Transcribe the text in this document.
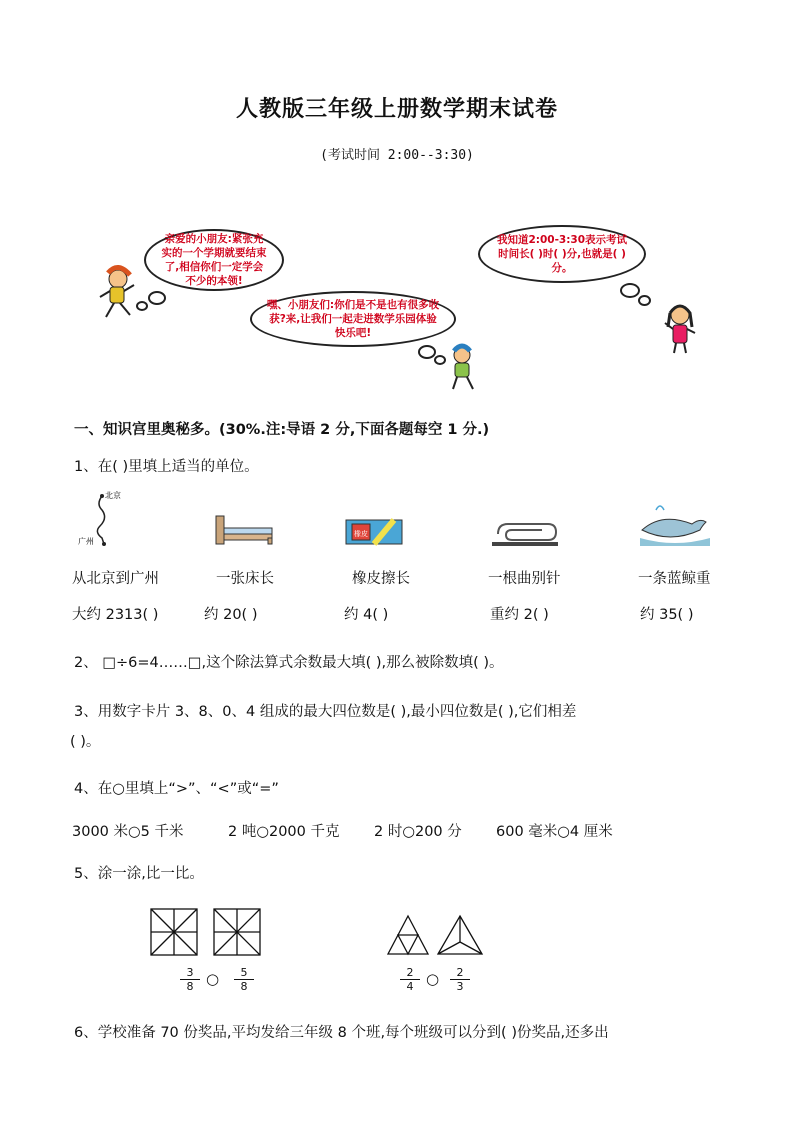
人教版三年级上册数学期末试卷
(考试时间 2:00--3:30)
亲爱的小朋友:紧张充实的一个学期就要结束了,相信你们一定学会不少的本领!
嘿、小朋友们:你们是不是也有很多收获?来,让我们一起走进数学乐园体验快乐吧!
我知道2:00-3:30表示考试时间长( )时( )分,也就是( )分。
一、知识宫里奥秘多。(30%.注:导语 2 分,下面各题每空 1 分.)
1、在( )里填上适当的单位。
北京
广州
橡皮
从北京到广州	一张床长	橡皮擦长	一根曲别针	一条蓝鲸重
大约 2313( )	约 20( )	约 4( )	重约 2( )	约 35( )
2、 □÷6=4……□,这个除法算式余数最大填( ),那么被除数填( )。
3、用数字卡片 3、8、0、4 组成的最大四位数是( ),最小四位数是( ),它们相差
( )。
4、在○里填上“>”、“<”或“=”
3000 米○5 千米	2 吨○2000 千克 2 时○200 分 600 毫米○4 厘米
5、涂一涂,比一比。
$\frac{3}{8}$ ○ $\frac{5}{8}$	$\frac{2}{4}$ ○ $\frac{2}{3}$
6、学校准备 70 份奖品,平均发给三年级 8 个班,每个班级可以分到( )份奖品,还多出
